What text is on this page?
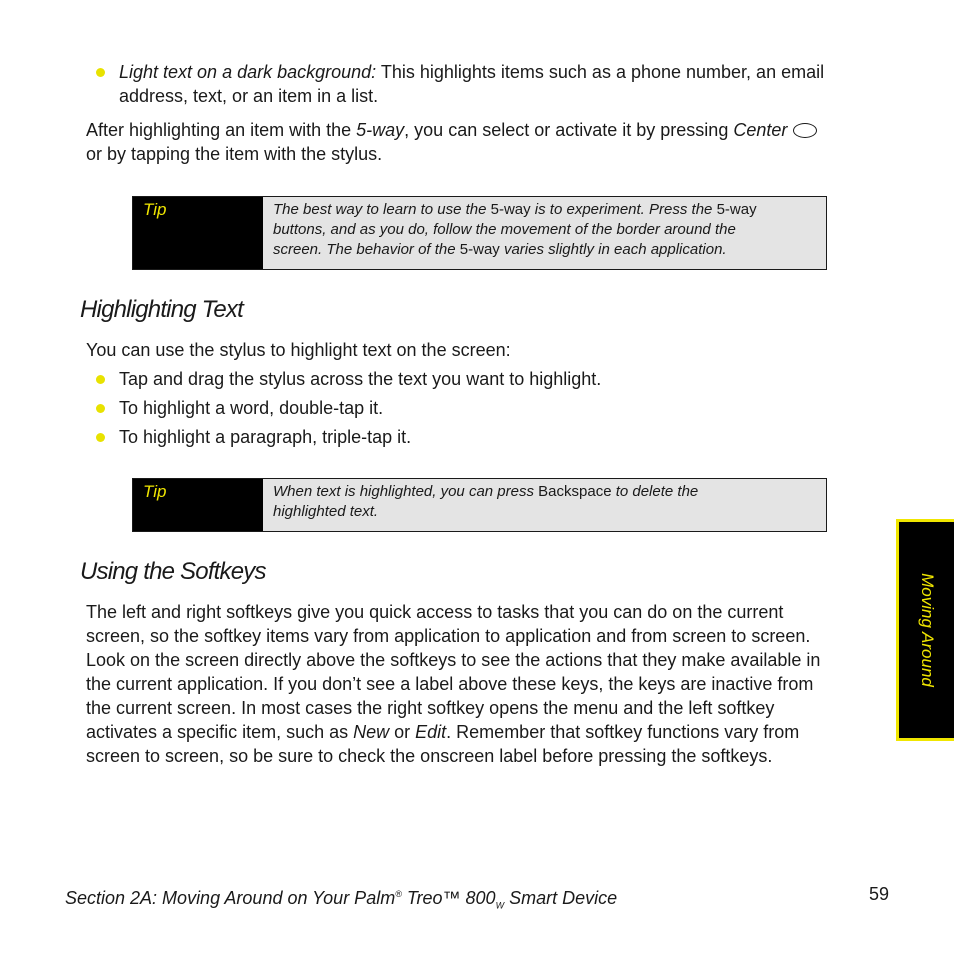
Light text on a dark background: This highlights items such as a phone number, an email
address, text, or an item in a list.

After highlighting an item with the 5-way, you can select or activate it by pressing Center
or by tapping the item with the stylus.

Tip	The best way to learn to use the 5-way is to experiment. Press the 5-way
buttons, and as you do, follow the movement of the border around the
screen. The behavior of the 5-way varies slightly in each application.
Highlighting Text

You can use the stylus to highlight text on the screen:

Tap and drag the stylus across the text you want to highlight.
To highlight a word, double-tap it.
To highlight a paragraph, triple-tap it.
Tip	When text is highlighted, you can press Backspace to delete the
highlighted text.
Using the Softkeys

The left and right softkeys give you quick access to tasks that you can do on the current
screen, so the softkey items vary from application to application and from screen to screen.
Look on the screen directly above the softkeys to see the actions that they make available in
the current application. If you don’t see a label above these keys, the keys are inactive from
the current screen. In most cases the right softkey opens the menu and the left softkey
activates a specific item, such as New or Edit. Remember that softkey functions vary from
screen to screen, so be sure to check the onscreen label before pressing the softkeys.

Moving Around
Section 2A: Moving Around on Your Palm® Treo™ $800_W$ Smart Device	59
